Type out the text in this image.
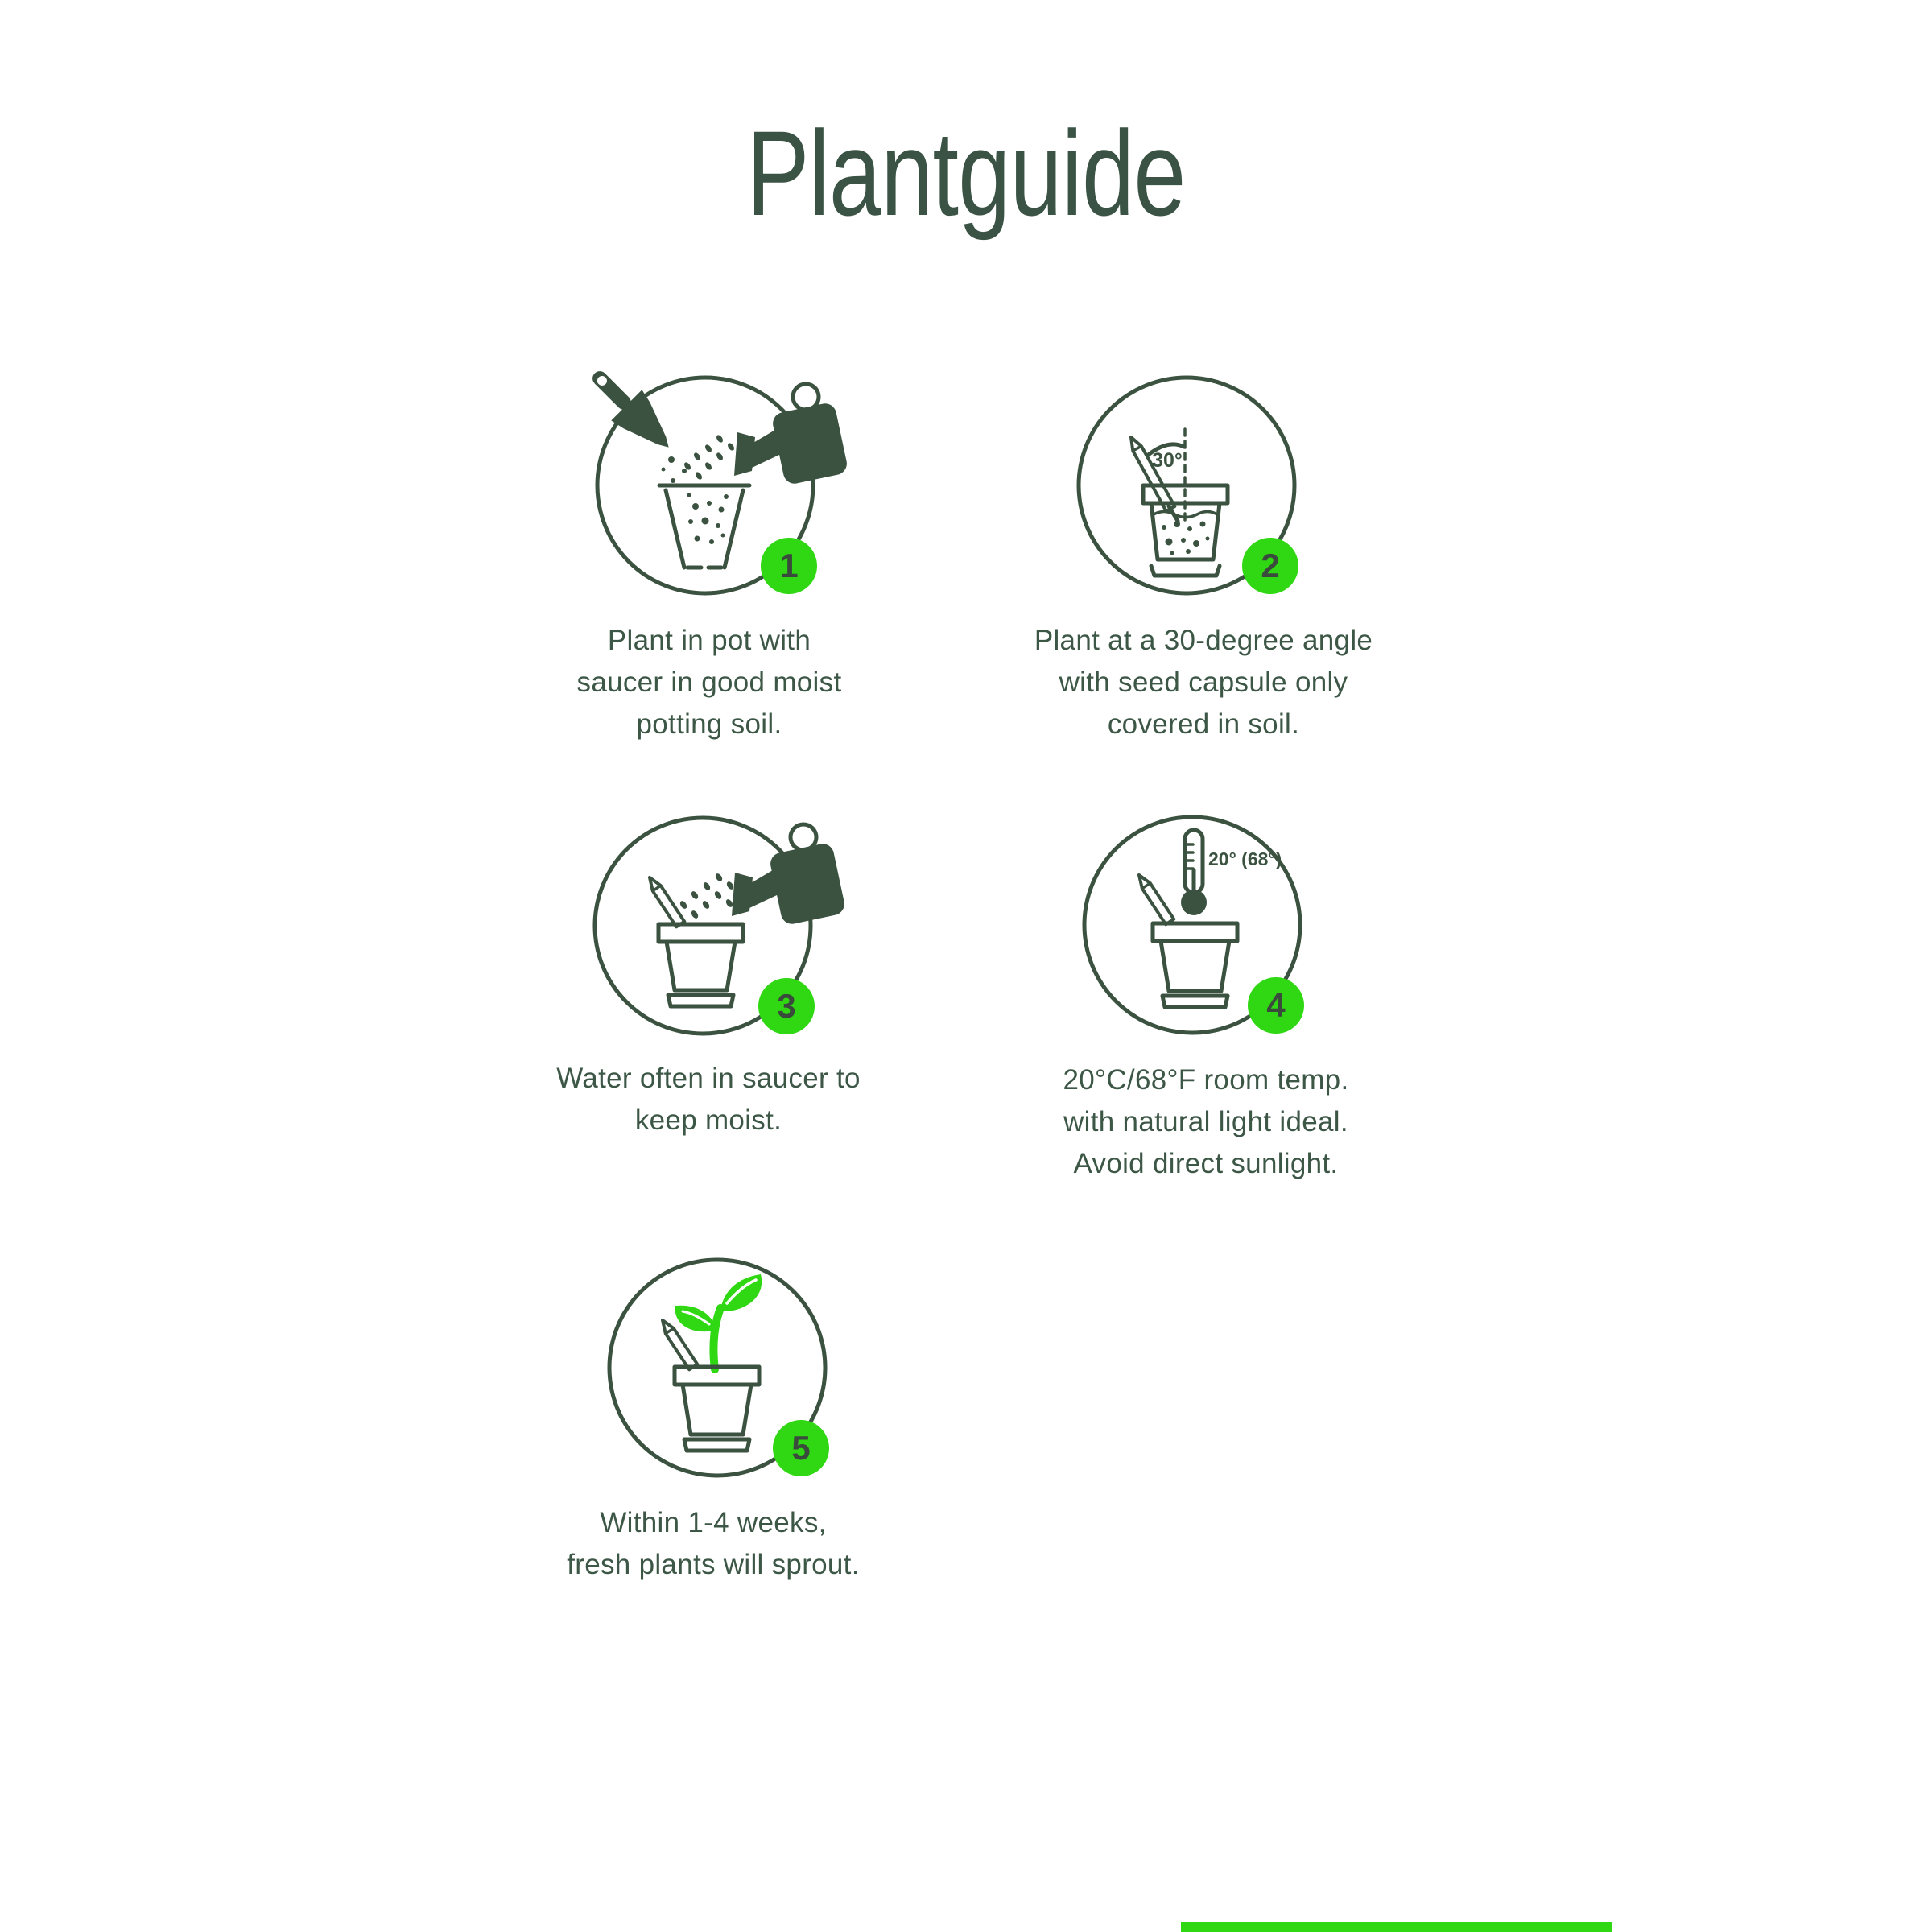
Plantguide
1
30°
2
3
20° (68°)
4
5
Plant in pot with
saucer in good moist
potting soil.
Plant at a 30-degree angle
with seed capsule only
covered in soil.
Water often in saucer to
keep moist.
20°C/68°F room temp.
with natural light ideal.
Avoid direct sunlight.
Within 1-4 weeks,
fresh plants will sprout.
